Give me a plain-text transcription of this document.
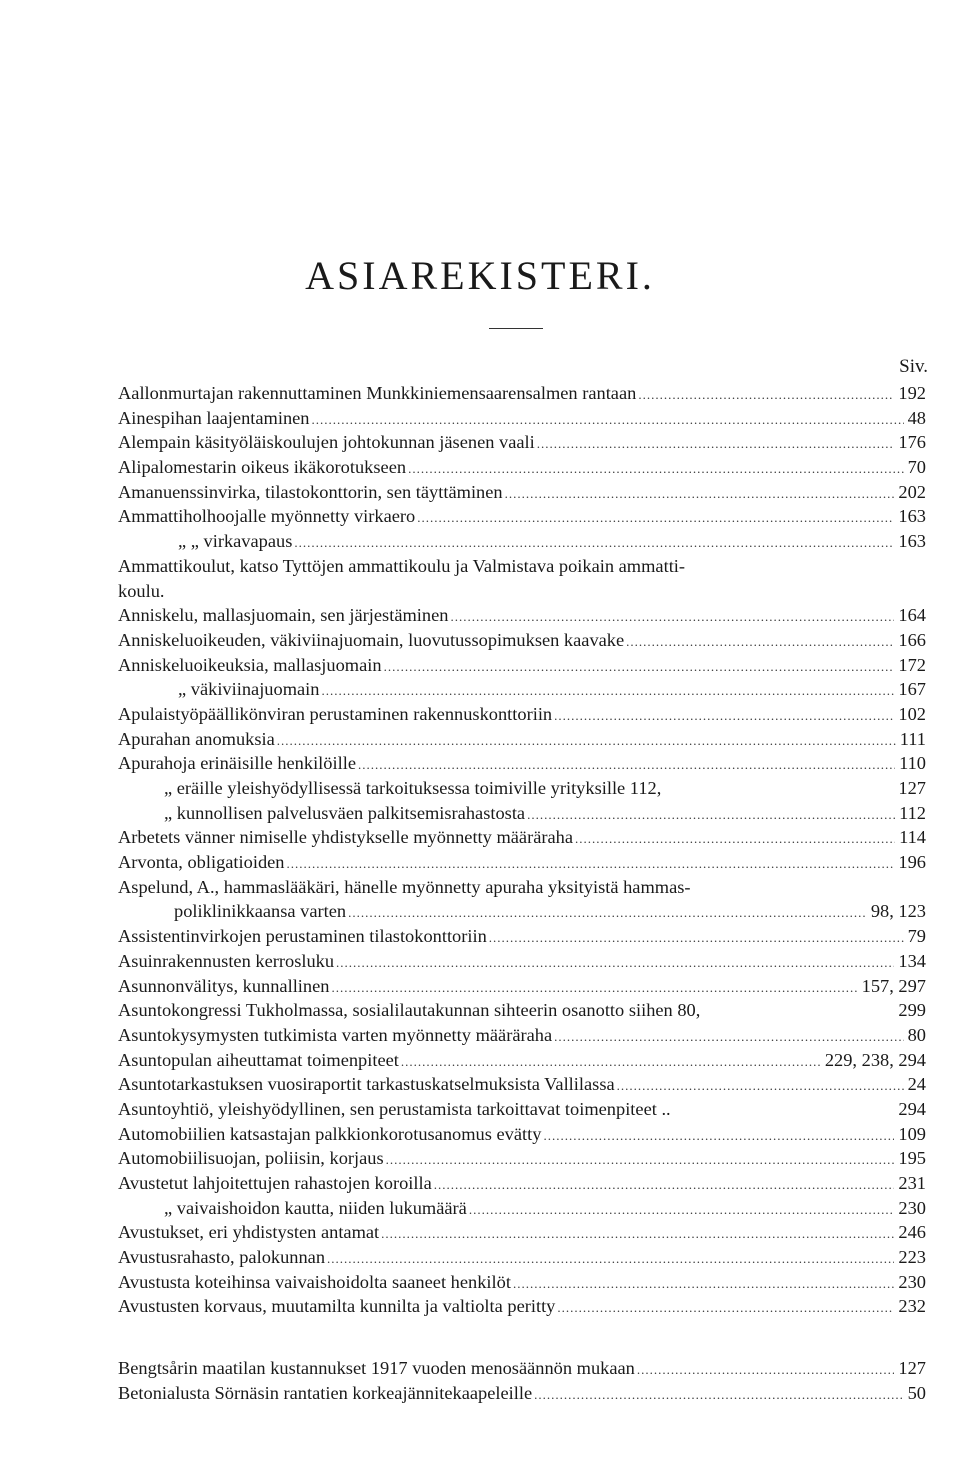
ASIAREKISTERI.
Siv.
Aallonmurtajan rakennuttaminen Munkkiniemensaarensalmen rantaan .....	192
Ainespihan laajentaminen .....	48
Alempain käsityöläiskoulujen johtokunnan jäsenen vaali .....	176
Alipalomestarin oikeus ikäkorotukseen .....	70
Amanuenssinvirka, tilastokonttorin, sen täyttäminen .....	202
Ammattiholhoojalle myönnetty virkaero .....	163
„ „ virkavapaus .....	163
Ammattikoulut, katso Tyttöjen ammattikoulu ja Valmistava poikain ammatti-
koulu.
Anniskelu, mallasjuomain, sen järjestäminen .....	164
Anniskeluoikeuden, väkiviinajuomain, luovutussopimuksen kaavake .....	166
Anniskeluoikeuksia, mallasjuomain .....	172
„ väkiviinajuomain .....	167
Apulaistyöpäällikönviran perustaminen rakennuskonttoriin .....	102
Apurahan anomuksia .....	111
Apurahoja erinäisille henkilöille .....	110
„ eräille yleishyödyllisessä tarkoituksessa toimiville yrityksille 112,	127
„ kunnollisen palvelusväen palkitsemisrahastosta .....	112
Arbetets vänner nimiselle yhdistykselle myönnetty määräraha .....	114
Arvonta, obligatioiden .....	196
Aspelund, A., hammaslääkäri, hänelle myönnetty apuraha yksityistä hammas-
poliklinikkaansa varten .....	98, 123
Assistentinvirkojen perustaminen tilastokonttoriin .....	79
Asuinrakennusten kerrosluku .....	134
Asunnonvälitys, kunnallinen .....	157, 297
Asuntokongressi Tukholmassa, sosialilautakunnan sihteerin osanotto siihen 80,	299
Asuntokysymysten tutkimista varten myönnetty määräraha .....	80
Asuntopulan aiheuttamat toimenpiteet .....	229, 238, 294
Asuntotarkastuksen vuosiraportit tarkastuskatselmuksista Vallilassa .....	24
Asuntoyhtiö, yleishyödyllinen, sen perustamista tarkoittavat toimenpiteet ..	294
Automobiilien katsastajan palkkionkorotusanomus evätty .....	109
Automobiilisuojan, poliisin, korjaus .....	195
Avustetut lahjoitettujen rahastojen koroilla .....	231
„ vaivaishoidon kautta, niiden lukumäärä .....	230
Avustukset, eri yhdistysten antamat .....	246
Avustusrahasto, palokunnan .....	223
Avustusta koteihinsa vaivaishoidolta saaneet henkilöt .....	230
Avustusten korvaus, muutamilta kunnilta ja valtiolta peritty .....	232
Bengtsårin maatilan kustannukset 1917 vuoden menosäännön mukaan .....	127
Betonialusta Sörnäsin rantatien korkeajännitekaapeleille .....	50
